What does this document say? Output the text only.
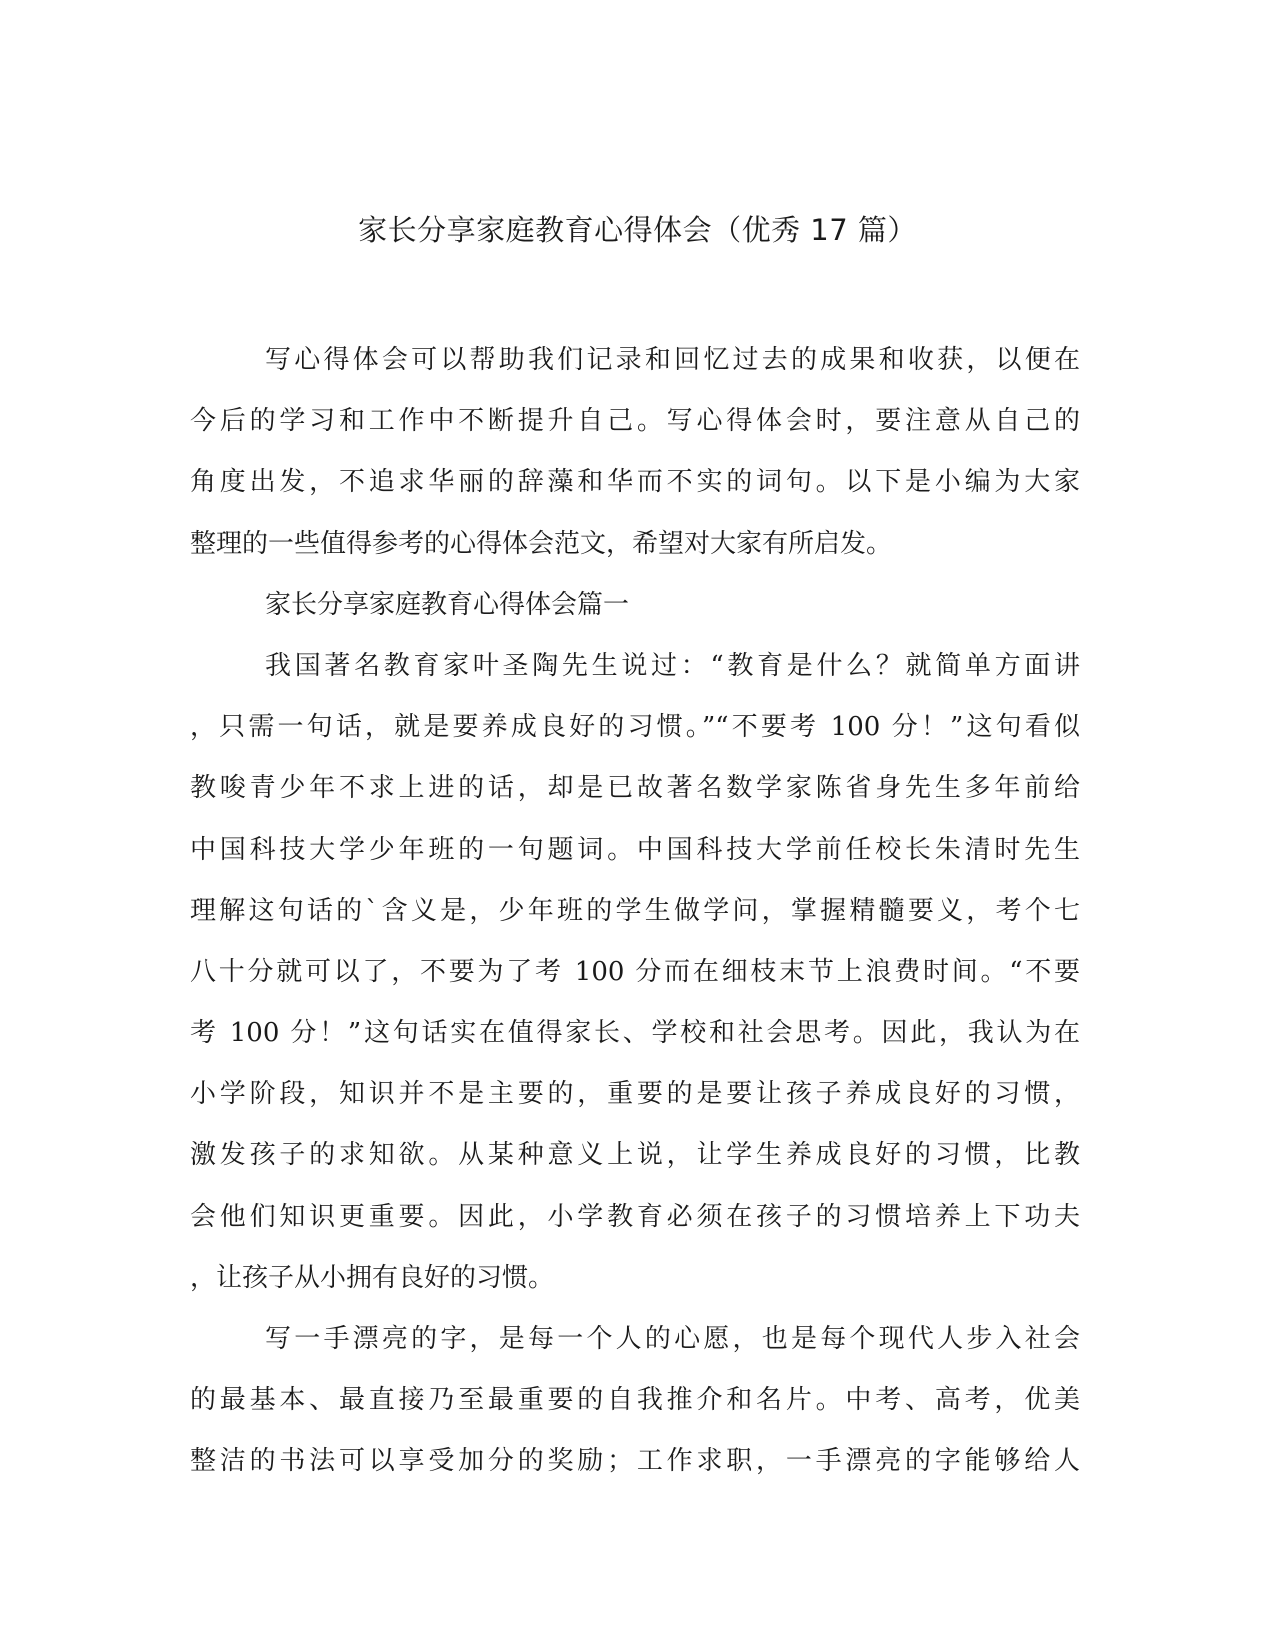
家长分享家庭教育心得体会（优秀 17 篇）
写心得体会可以帮助我们记录和回忆过去的成果和收获，以便在
今后的学习和工作中不断提升自己。写心得体会时，要注意从自己的
角度出发，不追求华丽的辞藻和华而不实的词句。以下是小编为大家
整理的一些值得参考的心得体会范文，希望对大家有所启发。
家长分享家庭教育心得体会篇一
我国著名教育家叶圣陶先生说过：“教育是什么？就简单方面讲
，只需一句话，就是要养成良好的习惯。”“不要考 100 分！”这句看似
教唆青少年不求上进的话，却是已故著名数学家陈省身先生多年前给
中国科技大学少年班的一句题词。中国科技大学前任校长朱清时先生
理解这句话的`含义是，少年班的学生做学问，掌握精髓要义，考个七
八十分就可以了，不要为了考 100 分而在细枝末节上浪费时间。“不要
考 100 分！”这句话实在值得家长、学校和社会思考。因此，我认为在
小学阶段，知识并不是主要的，重要的是要让孩子养成良好的习惯，
激发孩子的求知欲。从某种意义上说，让学生养成良好的习惯，比教
会他们知识更重要。因此，小学教育必须在孩子的习惯培养上下功夫
，让孩子从小拥有良好的习惯。
写一手漂亮的字，是每一个人的心愿，也是每个现代人步入社会
的最基本、最直接乃至最重要的自我推介和名片。中考、高考，优美
整洁的书法可以享受加分的奖励；工作求职，一手漂亮的字能够给人
